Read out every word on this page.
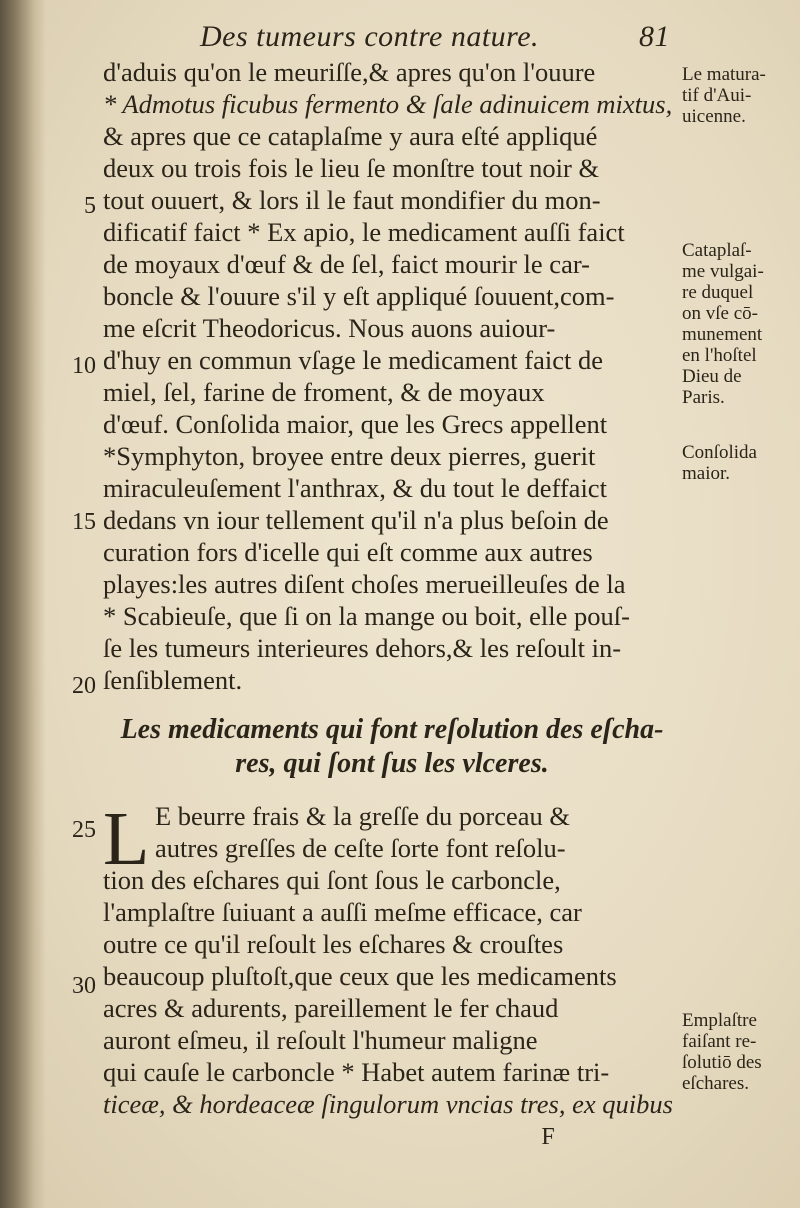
Des tumeurs contre nature.	81
5
10
15
20
25
30
d'aduis qu'on le meuriſſe,& apres qu'on l'ouure
* Admotus ficubus fermento & ſale adinuicem mixtus,
& apres que ce cataplaſme y aura eſté appliqué
deux ou trois fois le lieu ſe monſtre tout noir &
tout ouuert, & lors il le faut mondifier du mon-
dificatif faict * Ex apio, le medicament auſſi faict
de moyaux d'œuf & de ſel, faict mourir le car-
boncle & l'ouure s'il y eſt appliqué ſouuent,com-
me eſcrit Theodoricus. Nous auons auiour-
d'huy en commun vſage le medicament faict de
miel, ſel, farine de froment, & de moyaux
d'œuf. Conſolida maior, que les Grecs appellent
*Symphyton, broyee entre deux pierres, guerit
miraculeuſement l'anthrax, & du tout le deffaict
dedans vn iour tellement qu'il n'a plus beſoin de
curation fors d'icelle qui eſt comme aux autres
playes:les autres diſent choſes merueilleuſes de la
* Scabieuſe, que ſi on la mange ou boit, elle pouſ-
ſe les tumeurs interieures dehors,& les reſoult in-
ſenſiblement.
Les medicaments qui font reſolution des eſcha-
res, qui ſont ſus les vlceres.
L E beurre frais & la greſſe du porceau &
autres greſſes de ceſte ſorte font reſolu-
tion des eſchares qui ſont ſous le carboncle,
l'amplaſtre ſuiuant a auſſi meſme efficace, car
outre ce qu'il reſoult les eſchares & crouſtes
beaucoup pluſtoſt,que ceux que les medicaments
acres & adurents, pareillement le fer chaud
auront eſmeu, il reſoult l'humeur maligne
qui cauſe le carboncle * Habet autem farinæ tri-
ticeæ, & hordeaceæ ſingulorum vncias tres, ex quibus
Le matura-
tif d'Aui-
uicenne.
Cataplaſ-
me vulgai-
re duquel
on vſe cō-
munement
en l'hoſtel
Dieu de
Paris.
Conſolida
maior.
Emplaſtre
faiſant re-
ſolutiō des
eſchares.
F
